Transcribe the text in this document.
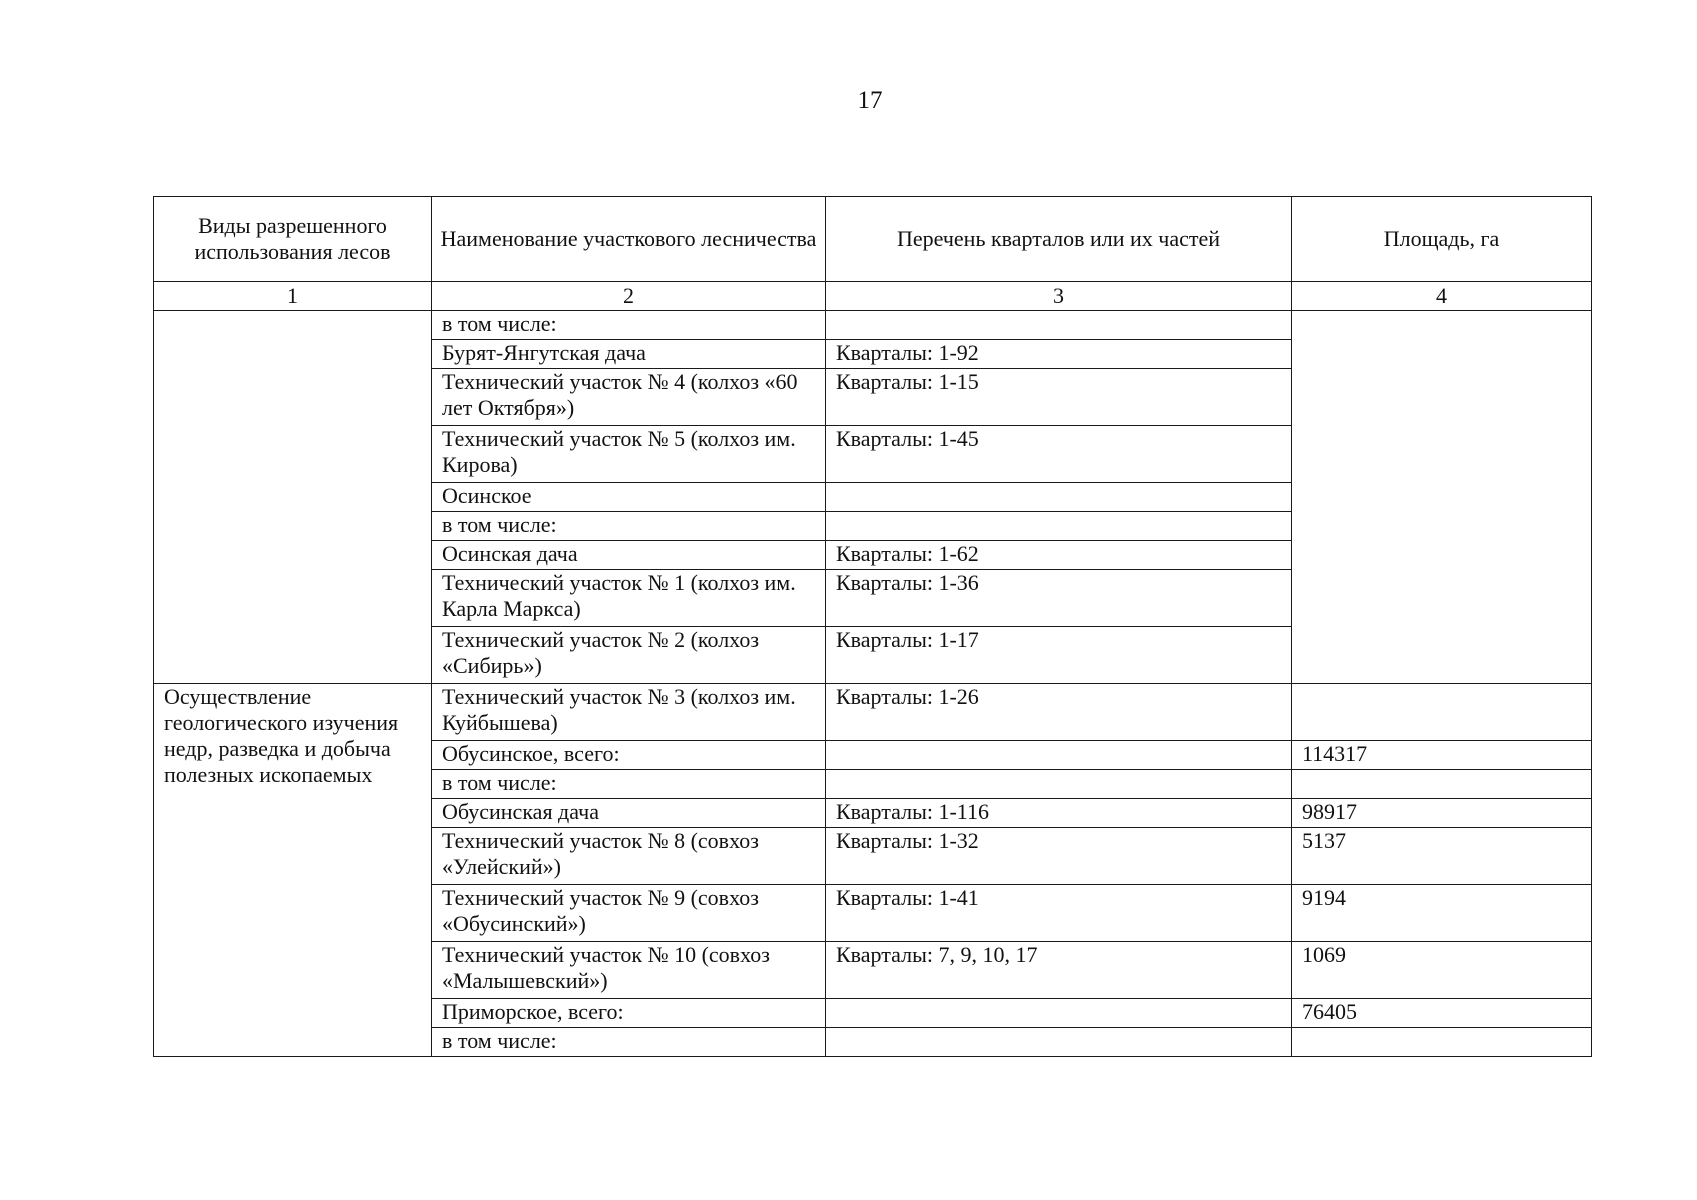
17
Виды разрешенного использования лесов	Наименование участкового лесничества	Перечень кварталов или их частей	Площадь, га
1	2	3	4
	в том числе:		
	Бурят-Янгутская дача	Кварталы: 1-92	
	Технический участок № 4 (колхоз «60 лет Октября»)	Кварталы: 1-15	
	Технический участок № 5 (колхоз им. Кирова)	Кварталы: 1-45	
	Осинское		
	в том числе:		
	Осинская дача	Кварталы: 1-62	
	Технический участок № 1 (колхоз им. Карла Маркса)	Кварталы: 1-36	
	Технический участок № 2 (колхоз «Сибирь»)	Кварталы: 1-17	
Осуществление геологического изучения недр, разведка и добыча полезных ископаемых	Технический участок № 3 (колхоз им. Куйбышева)	Кварталы: 1-26	
	Обусинское, всего:		114317
	в том числе:		
	Обусинская дача	Кварталы: 1-116	98917
	Технический участок № 8 (совхоз «Улейский»)	Кварталы: 1-32	5137
	Технический участок № 9 (совхоз «Обусинский»)	Кварталы: 1-41	9194
	Технический участок № 10 (совхоз «Малышевский»)	Кварталы: 7, 9, 10, 17	1069
	Приморское, всего:		76405
	в том числе:		
